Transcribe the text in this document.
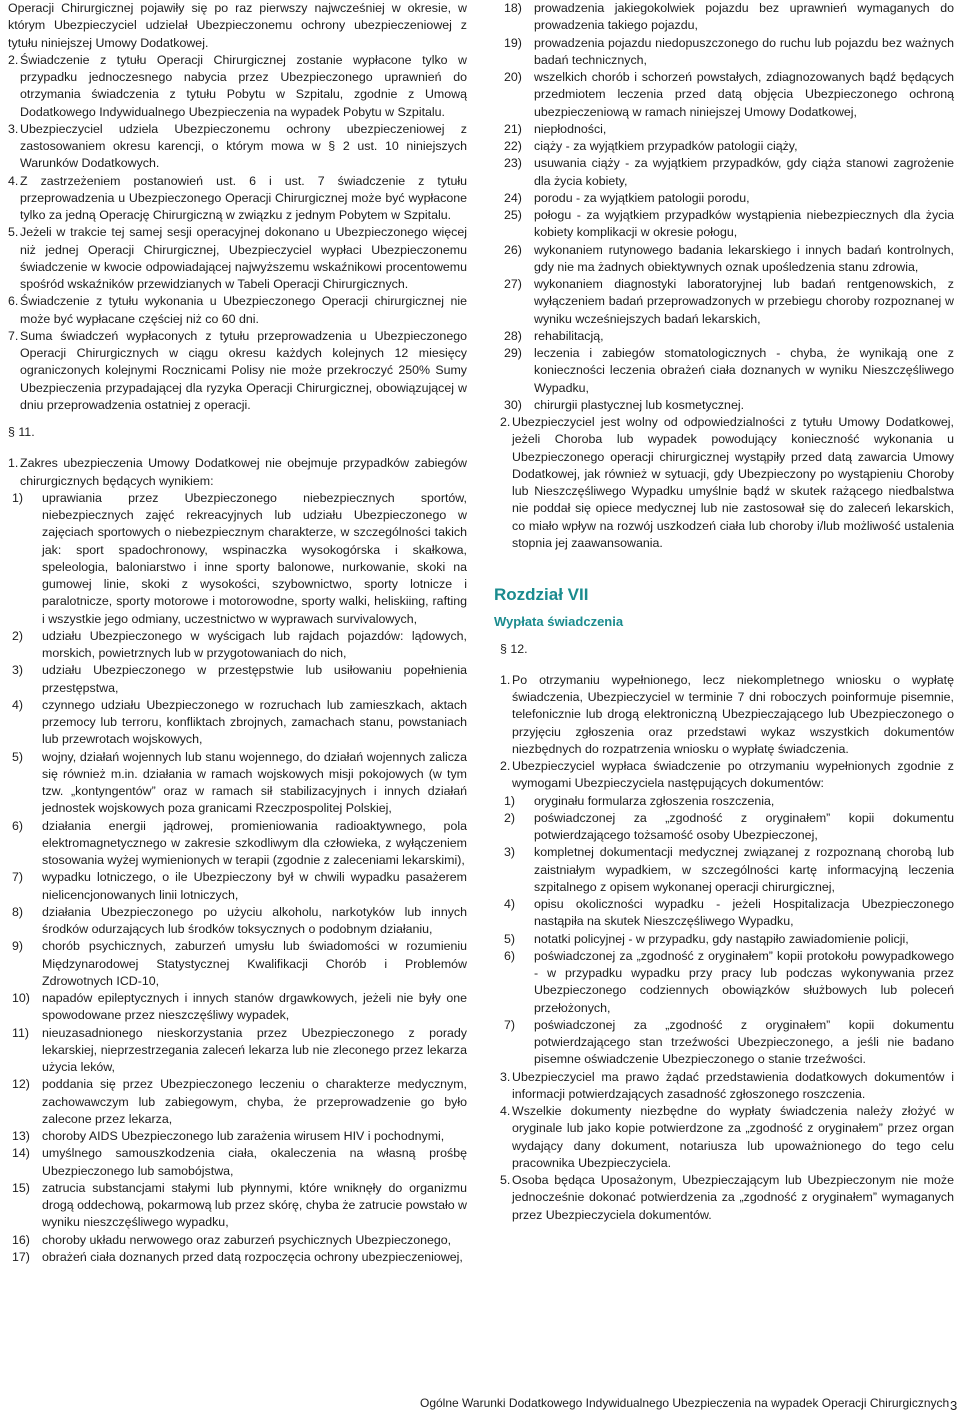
Operacji Chirurgicznej pojawiły się po raz pierwszy najwcześniej w okresie, w którym Ubezpieczyciel udzielał Ubezpieczonemu ochrony ubezpieczeniowej z tytułu niniejszej Umowy Dodatkowej.

2. Świadczenie z tytułu Operacji Chirurgicznej zostanie wypłacone tylko w przypadku jednoczesnego nabycia przez Ubezpieczonego uprawnień do otrzymania świadczenia z tytułu Pobytu w Szpitalu, zgodnie z Umową Dodatkowego Indywidualnego Ubezpieczenia na wypadek Pobytu w Szpitalu.
3. Ubezpieczyciel udziela Ubezpieczonemu ochrony ubezpieczeniowej z zastosowaniem okresu karencji, o którym mowa w § 2 ust. 10 niniejszych Warunków Dodatkowych.
4. Z zastrzeżeniem postanowień ust. 6 i ust. 7 świadczenie z tytułu przeprowadzenia u Ubezpieczonego Operacji Chirurgicznej może być wypłacone tylko za jedną Operację Chirurgiczną w związku z jednym Pobytem w Szpitalu.
5. Jeżeli w trakcie tej samej sesji operacyjnej dokonano u Ubezpieczonego więcej niż jednej Operacji Chirurgicznej, Ubezpieczyciel wypłaci Ubezpieczonemu świadczenie w kwocie odpowiadającej najwyższemu wskaźnikowi procentowemu spośród wskaźników przewidzianych w Tabeli Operacji Chirurgicznych.
6. Świadczenie z tytułu wykonania u Ubezpieczonego Operacji chirurgicznej nie może być wypłacane częściej niż co 60 dni.
7. Suma świadczeń wypłaconych z tytułu przeprowadzenia u Ubezpieczonego Operacji Chirurgicznych w ciągu okresu każdych kolejnych 12 miesięcy ograniczonych kolejnymi Rocznicami Polisy nie może przekroczyć 250% Sumy Ubezpieczenia przypadającej dla ryzyka Operacji Chirurgicznej, obowiązującej w dniu przeprowadzenia ostatniej z operacji.
§ 11.
1. Zakres ubezpieczenia Umowy Dodatkowej nie obejmuje przypadków zabiegów chirurgicznych będących wynikiem:
1)	uprawiania przez Ubezpieczonego niebezpiecznych sportów, niebezpiecznych zajęć rekreacyjnych lub udziału Ubezpieczonego w zajęciach sportowych o niebezpiecznym charakterze, w szczególności takich jak: sport spadochronowy, wspinaczka wysokogórska i skałkowa, speleologia, baloniarstwo i inne sporty balonowe, nurkowanie, skoki na gumowej linie, skoki z wysokości, szybownictwo, sporty lotnicze i paralotnicze, sporty motorowe i motorowodne, sporty walki, heliskiing, rafting i wszystkie jego odmiany, uczestnictwo w wyprawach survivalowych,
2)	udziału Ubezpieczonego w wyścigach lub rajdach pojazdów: lądowych, morskich, powietrznych lub w przygotowaniach do nich,
3)	udziału Ubezpieczonego w przestępstwie lub usiłowaniu popełnienia przestępstwa,
4)	czynnego udziału Ubezpieczonego w rozruchach lub zamieszkach, aktach przemocy lub terroru, konfliktach zbrojnych, zamachach stanu, powstaniach lub przewrotach wojskowych,
5)	wojny, działań wojennych lub stanu wojennego, do działań wojennych zalicza się również m.in. działania w ramach wojskowych misji pokojowych (w tym tzw. „kontyngentów” oraz w ramach sił stabilizacyjnych i innych działań jednostek wojskowych poza granicami Rzeczpospolitej Polskiej,
6)	działania energii jądrowej, promieniowania radioaktywnego, pola elektromagnetycznego w zakresie szkodliwym dla człowieka, z wyłączeniem stosowania wyżej wymienionych w terapii (zgodnie z zaleceniami lekarskimi),
7)	wypadku lotniczego, o ile Ubezpieczony był w chwili wypadku pasażerem nielicencjonowanych linii lotniczych,
8)	działania Ubezpieczonego po użyciu alkoholu, narkotyków lub innych środków odurzających lub środków toksycznych o podobnym działaniu,
9)	chorób psychicznych, zaburzeń umysłu lub świadomości w rozumieniu Międzynarodowej Statystycznej Kwalifikacji Chorób i Problemów Zdrowotnych ICD-10,
10) napadów epileptycznych i innych stanów drgawkowych, jeżeli nie były one spowodowane przez nieszczęśliwy wypadek,
11)	nieuzasadnionego nieskorzystania przez Ubezpieczonego z porady lekarskiej, nieprzestrzegania zaleceń lekarza lub nie zleconego przez lekarza użycia leków,
12) poddania się przez Ubezpieczonego leczeniu o charakterze medycznym, zachowawczym lub zabiegowym, chyba, że przeprowadzenie go było zalecone przez lekarza,
13) choroby AIDS Ubezpieczonego lub zarażenia wirusem HIV i pochodnymi,
14) umyślnego samouszkodzenia ciała, okaleczenia na własną prośbę Ubezpieczonego lub samobójstwa,
15) zatrucia substancjami stałymi lub płynnymi, które wniknęły do organizmu drogą oddechową, pokarmową lub przez skórę, chyba że zatrucie powstało w wyniku nieszczęśliwego wypadku,
16) choroby układu nerwowego oraz zaburzeń psychicznych Ubezpieczonego,
17) obrażeń ciała doznanych przed datą rozpoczęcia ochrony ubezpieczeniowej,
18) prowadzenia jakiegokolwiek pojazdu bez uprawnień wymaganych do prowadzenia takiego pojazdu,
19) prowadzenia pojazdu niedopuszczonego do ruchu lub pojazdu bez ważnych badań technicznych,
20) wszelkich chorób i schorzeń powstałych, zdiagnozowanych bądź będących przedmiotem leczenia przed datą objęcia Ubezpieczonego ochroną ubezpieczeniową w ramach niniejszej Umowy Dodatkowej,
21) niepłodności,
22) ciąży - za wyjątkiem przypadków patologii ciąży,
23) usuwania ciąży - za wyjątkiem przypadków, gdy ciąża stanowi zagrożenie dla życia kobiety,
24) porodu - za wyjątkiem patologii porodu,
25) połogu - za wyjątkiem przypadków wystąpienia niebezpiecznych dla życia kobiety komplikacji w okresie połogu,
26) wykonaniem rutynowego badania lekarskiego i innych badań kontrolnych, gdy nie ma żadnych obiektywnych oznak upośledzenia stanu zdrowia,
27) wykonaniem diagnostyki laboratoryjnej lub badań rentgenowskich, z wyłączeniem badań przeprowadzonych w przebiegu choroby rozpoznanej w wyniku wcześniejszych badań lekarskich,
28) rehabilitacją,
29) leczenia i zabiegów stomatologicznych - chyba, że wynikają one z konieczności leczenia obrażeń ciała doznanych w wyniku Nieszczęśliwego Wypadku,
30) chirurgii plastycznej lub kosmetycznej.
2. Ubezpieczyciel jest wolny od odpowiedzialności z tytułu Umowy Dodatkowej, jeżeli Choroba lub wypadek powodujący konieczność wykonania u Ubezpieczonego operacji chirurgicznej wystąpiły przed datą zawarcia Umowy Dodatkowej, jak również w sytuacji, gdy Ubezpieczony po wystąpieniu Choroby lub Nieszczęśliwego Wypadku umyślnie bądź w skutek rażącego niedbalstwa nie poddał się opiece medycznej lub nie zastosował się do zaleceń lekarskich, co miało wpływ na rozwój uszkodzeń ciała lub choroby i/lub możliwość ustalenia stopnia jej zaawansowania.
Rozdział VII
Wypłata świadczenia
§ 12.
1. Po otrzymaniu wypełnionego, lecz niekompletnego wniosku o wypłatę świadczenia, Ubezpieczyciel w terminie 7 dni roboczych poinformuje pisemnie, telefonicznie lub drogą elektroniczną Ubezpieczającego lub Ubezpieczonego o przyjęciu zgłoszenia oraz przedstawi wykaz wszystkich dokumentów niezbędnych do rozpatrzenia wniosku o wypłatę świadczenia.
2. Ubezpieczyciel wypłaca świadczenie po otrzymaniu wypełnionych zgodnie z wymogami Ubezpieczyciela następujących dokumentów:
1)	oryginału formularza zgłoszenia roszczenia,
2)	poświadczonej za „zgodność z oryginałem” kopii dokumentu potwierdzającego tożsamość osoby Ubezpieczonej,
3)	kompletnej dokumentacji medycznej związanej z rozpoznaną chorobą lub zaistniałym wypadkiem, w szczególności kartę informacyjną leczenia szpitalnego z opisem wykonanej operacji chirurgicznej,
4)	opisu okoliczności wypadku - jeżeli Hospitalizacja Ubezpieczonego nastąpiła na skutek Nieszczęśliwego Wypadku,
5)	notatki policyjnej - w przypadku, gdy nastąpiło zawiadomienie policji,
6)	poświadczonej za „zgodność z oryginałem” kopii protokołu powypadkowego - w przypadku wypadku przy pracy lub podczas wykonywania przez Ubezpieczonego codziennych obowiązków służbowych lub poleceń przełożonych,
7)	poświadczonej za „zgodność z oryginałem” kopii dokumentu potwierdzającego stan trzeźwości Ubezpieczonego, a jeśli nie badano pisemne oświadczenie Ubezpieczonego o stanie trzeźwości.
3. Ubezpieczyciel ma prawo żądać przedstawienia dodatkowych dokumentów i informacji potwierdzających zasadność zgłoszonego roszczenia.
4. Wszelkie dokumenty niezbędne do wypłaty świadczenia należy złożyć w oryginale lub jako kopie potwierdzone za „zgodność z oryginałem” przez organ wydający dany dokument, notariusza lub upoważnionego do tego celu pracownika Ubezpieczyciela.
5. Osoba będąca Uposażonym, Ubezpieczającym lub Ubezpieczonym nie może jednocześnie dokonać potwierdzenia za „zgodność z oryginałem” wymaganych przez Ubezpieczyciela dokumentów.
Ogólne Warunki Dodatkowego Indywidualnego Ubezpieczenia na wypadek Operacji Chirurgicznych 3
